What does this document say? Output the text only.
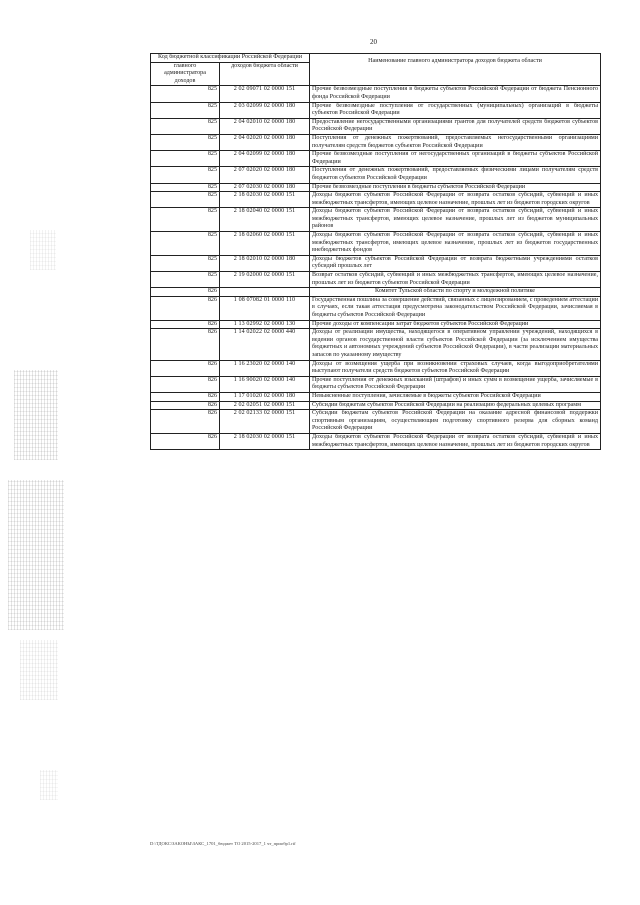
20
Код бюджетной классификации Российской Федерации		Наименование главного администратора доходов бюджета области
главного администратора доходов	доходов бюджета области	
825	2 02 09071 02 0000 151	Прочие безвозмездные поступления в бюджеты субъектов Российской Федерации от бюджета Пенсионного фонда Российской Федерации
825	2 03 02099 02 0000 180	Прочие безвозмездные поступления от государственных (муниципальных) организаций в бюджеты субъектов Российской Федерации
825	2 04 02010 02 0000 180	Предоставление негосударственными организациями грантов для получателей средств бюджетов субъектов Российской Федерации
825	2 04 02020 02 0000 180	Поступления от денежных пожертвований, предоставляемых негосударственными организациями получателям средств бюджетов субъектов Российской Федерации
825	2 04 02099 02 0000 180	Прочие безвозмездные поступления от негосударственных организаций в бюджеты субъектов Российской Федерации
825	2 07 02020 02 0000 180	Поступления от денежных пожертвований, предоставляемых физическими лицами получателям средств бюджетов субъектов Российской Федерации
825	2 07 02030 02 0000 180	Прочие безвозмездные поступления в бюджеты субъектов Российской Федерации
825	2 18 02030 02 0000 151	Доходы бюджетов субъектов Российской Федерации от возврата остатков субсидий, субвенций и иных межбюджетных трансфертов, имеющих целевое назначение, прошлых лет из бюджетов городских округов
825	2 18 02040 02 0000 151	Доходы бюджетов субъектов Российской Федерации от возврата остатков субсидий, субвенций и иных межбюджетных трансфертов, имеющих целевое назначение, прошлых лет из бюджетов муниципальных районов
825	2 18 02060 02 0000 151	Доходы бюджетов субъектов Российской Федерации от возврата остатков субсидий, субвенций и иных межбюджетных трансфертов, имеющих целевое назначение, прошлых лет из бюджетов государственных внебюджетных фондов
825	2 18 02010 02 0000 180	Доходы бюджетов субъектов Российской Федерации от возврата бюджетными учреждениями остатков субсидий прошлых лет
825	2 19 02000 02 0000 151	Возврат остатков субсидий, субвенций и иных межбюджетных трансфертов, имеющих целевое назначение, прошлых лет из бюджетов субъектов Российской Федерации
826		Комитет Тульской области по спорту и молодежной политике
826	1 08 07082 01 0000 110	Государственная пошлина за совершение действий, связанных с лицензированием, с проведением аттестации в случаях, если такая аттестация предусмотрена законодательством Российской Федерации, зачисляемая в бюджеты субъектов Российской Федерации
826	1 13 02992 02 0000 130	Прочие доходы от компенсации затрат бюджетов субъектов Российской Федерации
826	1 14 02022 02 0000 440	Доходы от реализации имущества, находящегося в оперативном управлении учреждений, находящихся в ведении органов государственной власти субъектов Российской Федерации (за исключением имущества бюджетных и автономных учреждений субъектов Российской Федерации), в части реализации материальных запасов по указанному имуществу
826	1 16 23020 02 0000 140	Доходы от возмещения ущерба при возникновении страховых случаев, когда выгодоприобретателями выступают получатели средств бюджетов субъектов Российской Федерации
826	1 16 90020 02 0000 140	Прочие поступления от денежных взысканий (штрафов) и иных сумм в возмещение ущерба, зачисляемые в бюджеты субъектов Российской Федерации
826	1 17 01020 02 0000 180	Невыясненные поступления, зачисляемые в бюджеты субъектов Российской Федерации
826	2 02 02051 02 0000 151	Субсидии бюджетам субъектов Российской Федерации на реализацию федеральных целевых программ
826	2 02 02133 02 0000 151	Субсидии бюджетам субъектов Российской Федерации на оказание адресной финансовой поддержки спортивным организациям, осуществляющим подготовку спортивного резерва для сборных команд Российской Федерации
826	2 18 02030 02 0000 151	Доходы бюджетов субъектов Российской Федерации от возврата остатков субсидий, субвенций и иных межбюджетных трансфертов, имеющих целевое назначение, прошлых лет из бюджетов городских округов
D:\ТДОКС\ЗАКОНЫ\ЗАКС_1701_бюджет ТО 2015-2017_1 чт_приобр1.rtf
